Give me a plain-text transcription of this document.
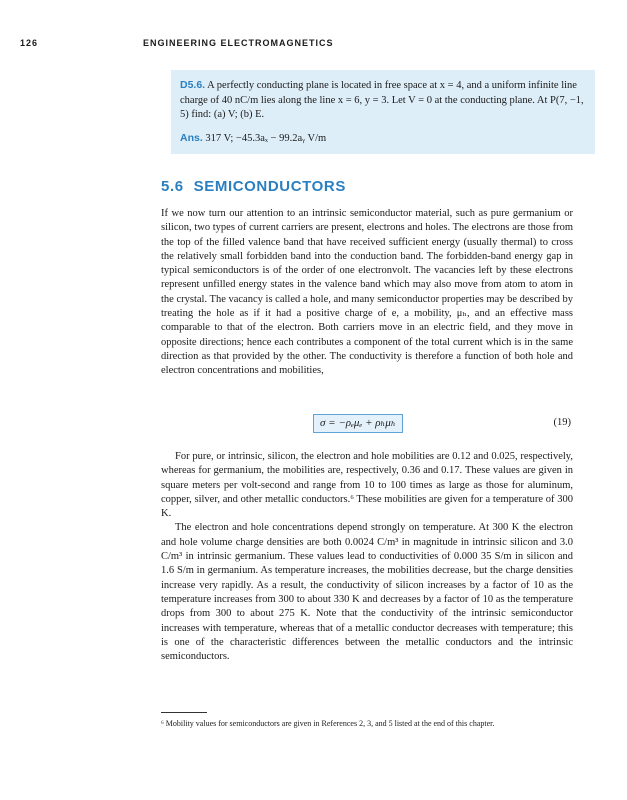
126	ENGINEERING ELECTROMAGNETICS

D5.6. A perfectly conducting plane is located in free space at x = 4, and a uniform infinite line charge of 40 nC/m lies along the line x = 6, y = 3. Let V = 0 at the conducting plane. At P(7, −1, 5) find: (a) V; (b) E.

Ans. 317 V; −45.3aₓ − 99.2aᵧ V/m

5.6 SEMICONDUCTORS

If we now turn our attention to an intrinsic semiconductor material, such as pure germanium or silicon, two types of current carriers are present, electrons and holes. The electrons are those from the top of the filled valence band that have received sufficient energy (usually thermal) to cross the relatively small forbidden band into the conduction band. The forbidden-band energy gap in typical semiconductors is of the order of one electronvolt. The vacancies left by these electrons represent unfilled energy states in the valence band which may also move from atom to atom in the crystal. The vacancy is called a hole, and many semiconductor properties may be described by treating the hole as if it had a positive charge of e, a mobility, μₕ, and an effective mass comparable to that of the electron. Both carriers move in an electric field, and they move in opposite directions; hence each contributes a component of the total current which is in the same direction as that provided by the other. The conductivity is therefore a function of both hole and electron concentrations and mobilities,

σ = −ρₑμₑ + ρₕμₕ	(19)

For pure, or intrinsic, silicon, the electron and hole mobilities are 0.12 and 0.025, respectively, whereas for germanium, the mobilities are, respectively, 0.36 and 0.17. These values are given in square meters per volt-second and range from 10 to 100 times as large as those for aluminum, copper, silver, and other metallic conductors.⁶ These mobilities are given for a temperature of 300 K.

The electron and hole concentrations depend strongly on temperature. At 300 K the electron and hole volume charge densities are both 0.0024 C/m³ in magnitude in intrinsic silicon and 3.0 C/m³ in intrinsic germanium. These values lead to conductivities of 0.000 35 S/m in silicon and 1.6 S/m in germanium. As temperature increases, the mobilities decrease, but the charge densities increase very rapidly. As a result, the conductivity of silicon increases by a factor of 10 as the temperature increases from 300 to about 330 K and decreases by a factor of 10 as the temperature drops from 300 to about 275 K. Note that the conductivity of the intrinsic semiconductor increases with temperature, whereas that of a metallic conductor decreases with temperature; this is one of the characteristic differences between the metallic conductors and the intrinsic semiconductors.

⁶ Mobility values for semiconductors are given in References 2, 3, and 5 listed at the end of this chapter.
